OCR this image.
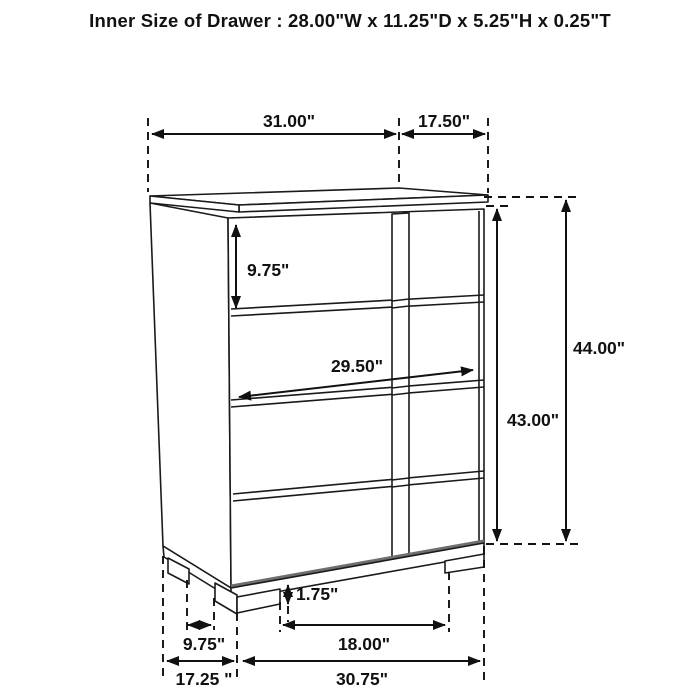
Inner Size of Drawer : 28.00"W x 11.25"D x 5.25"H x 0.25"T
31.00"	17.50"
9.75"
29.50"
44.00"
43.00"
1.75"
9.75"	18.00"
17.25 "	30.75"
